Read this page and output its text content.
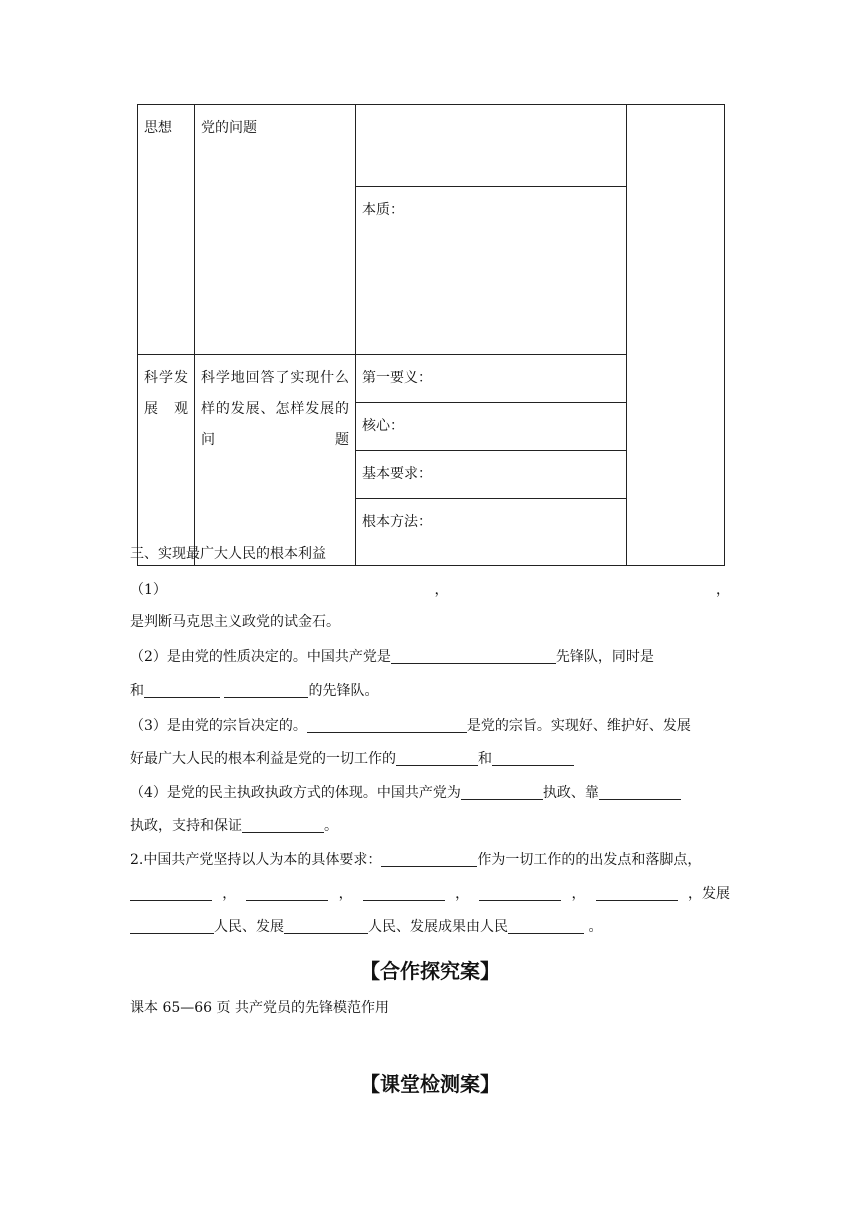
思想	党的问题		
		本质：	
科学发展观	科学地回答了实现什么样的发展、怎样发展的问题	第一要义：	
		核心：	
		基本要求：	
		根本方法：	
三、实现最广大人民的根本利益
（1）	，	，
是判断马克思主义政党的试金石。
（2）是由党的性质决定的。中国共产党是	先锋队，同时是
和	的先锋队。
（3）是由党的宗旨决定的。	是党的宗旨。实现好、维护好、发展
好最广大人民的根本利益是党的一切工作的	和
（4）是党的民主执政执政方式的体现。中国共产党为	执政、靠
执政，支持和保证	。
2.中国共产党坚持以人为本的具体要求：	作为一切工作的的出发点和落脚点，
，	，	，	，	，发展
人民、发展	人民、发展成果由人民	。
【合作探究案】
课本 65—66 页 共产党员的先锋模范作用
【课堂检测案】
